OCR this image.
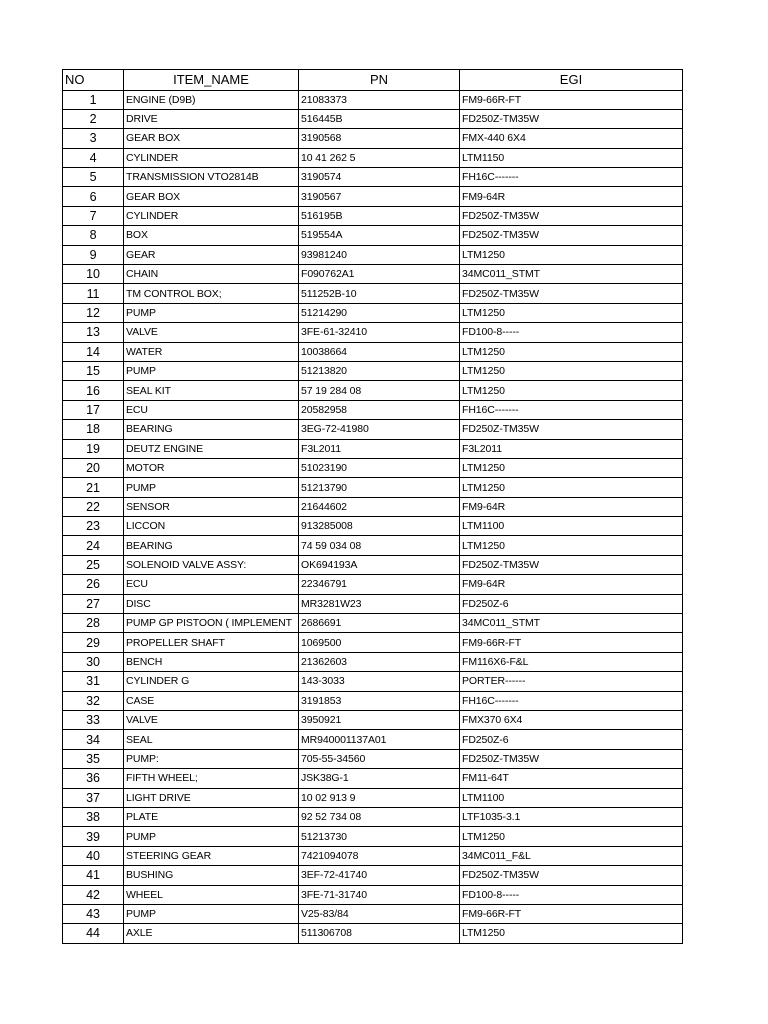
NO	ITEM_NAME	PN	EGI
1	ENGINE (D9B)	21083373	FM9-66R-FT
2	DRIVE	516445B	FD250Z-TM35W
3	GEAR BOX	3190568	FMX-440 6X4
4	CYLINDER	10 41 262 5	LTM1150
5	TRANSMISSION VTO2814B	3190574	FH16C-------
6	GEAR BOX	3190567	FM9-64R
7	CYLINDER	516195B	FD250Z-TM35W
8	BOX	519554A	FD250Z-TM35W
9	GEAR	93981240	LTM1250
10	CHAIN	F090762A1	34MC011_STMT
11	TM CONTROL BOX;	511252B-10	FD250Z-TM35W
12	PUMP	51214290	LTM1250
13	VALVE	3FE-61-32410	FD100-8-----
14	WATER	10038664	LTM1250
15	PUMP	51213820	LTM1250
16	SEAL KIT	57 19 284 08	LTM1250
17	ECU	20582958	FH16C-------
18	BEARING	3EG-72-41980	FD250Z-TM35W
19	DEUTZ ENGINE	F3L2011	F3L2011
20	MOTOR	51023190	LTM1250
21	PUMP	51213790	LTM1250
22	SENSOR	21644602	FM9-64R
23	LICCON	913285008	LTM1100
24	BEARING	74 59 034 08	LTM1250
25	SOLENOID VALVE ASSY:	OK694193A	FD250Z-TM35W
26	ECU	22346791	FM9-64R
27	DISC	MR3281W23	FD250Z-6
28	PUMP GP PISTOON ( IMPLEMENT	2686691	34MC011_STMT
29	PROPELLER SHAFT	1069500	FM9-66R-FT
30	BENCH	21362603	FM116X6-F&L
31	CYLINDER G	143-3033	PORTER------
32	CASE	3191853	FH16C-------
33	VALVE	3950921	FMX370 6X4
34	SEAL	MR940001137A01	FD250Z-6
35	PUMP:	705-55-34560	FD250Z-TM35W
36	FIFTH WHEEL;	JSK38G-1	FM11-64T
37	LIGHT DRIVE	10 02 913 9	LTM1100
38	PLATE	92 52 734 08	LTF1035-3.1
39	PUMP	51213730	LTM1250
40	STEERING GEAR	7421094078	34MC011_F&L
41	BUSHING	3EF-72-41740	FD250Z-TM35W
42	WHEEL	3FE-71-31740	FD100-8-----
43	PUMP	V25-83/84	FM9-66R-FT
44	AXLE	511306708	LTM1250
